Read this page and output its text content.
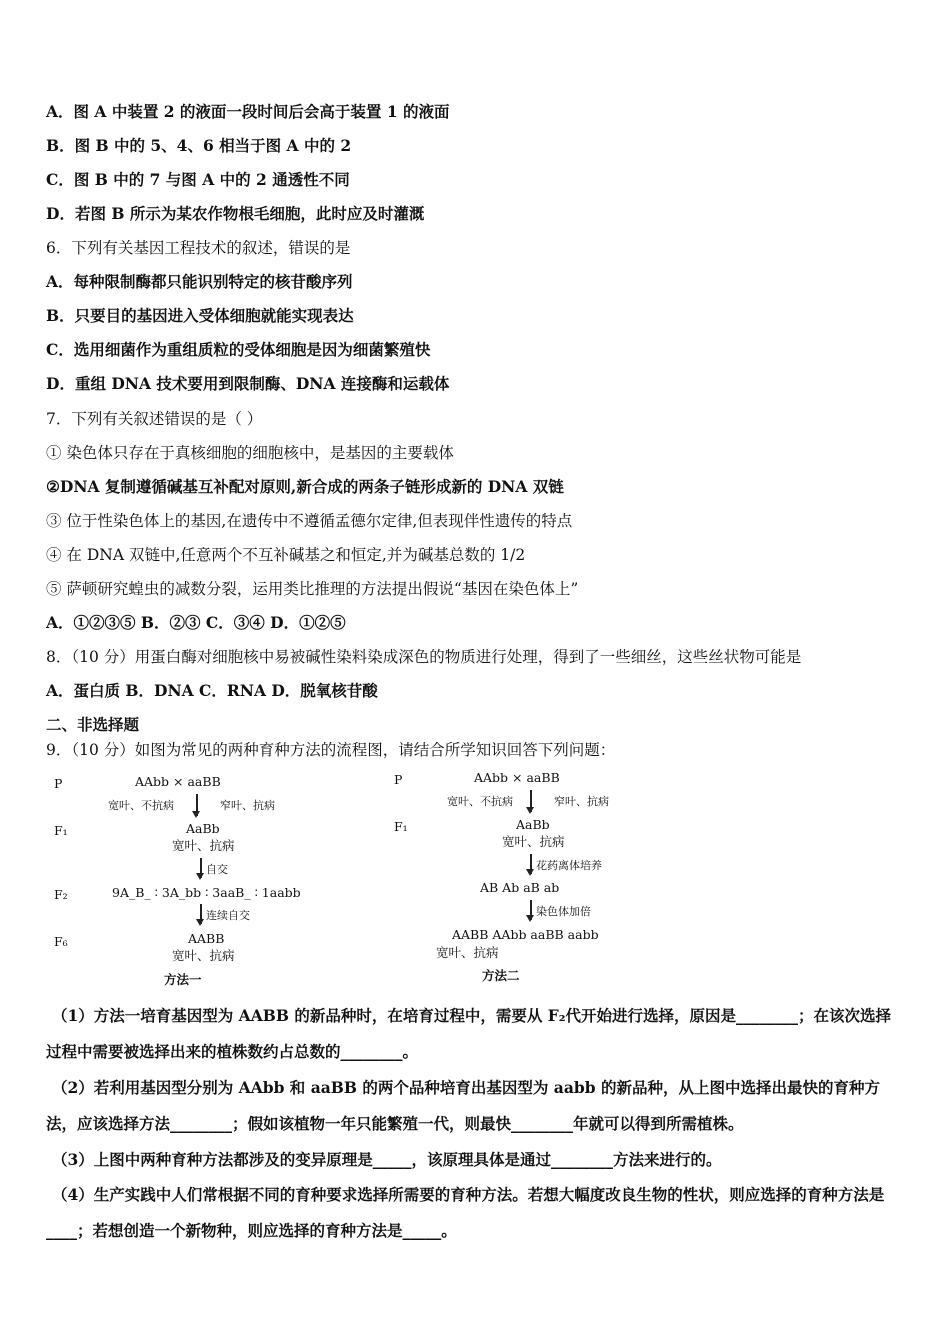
A．图 A 中装置 2 的液面一段时间后会高于装置 1 的液面
B．图 B 中的 5、4、6 相当于图 A 中的 2
C．图 B 中的 7 与图 A 中的 2 通透性不同
D．若图 B 所示为某农作物根毛细胞，此时应及时灌溉
6．下列有关基因工程技术的叙述，错误的是
A．每种限制酶都只能识别特定的核苷酸序列
B．只要目的基因进入受体细胞就能实现表达
C．选用细菌作为重组质粒的受体细胞是因为细菌繁殖快
D．重组 DNA 技术要用到限制酶、DNA 连接酶和运载体
7．下列有关叙述错误的是（ ）
① 染色体只存在于真核细胞的细胞核中，是基因的主要载体
②DNA 复制遵循碱基互补配对原则,新合成的两条子链形成新的 DNA 双链
③ 位于性染色体上的基因,在遗传中不遵循孟德尔定律,但表现伴性遗传的特点
④ 在 DNA 双链中,任意两个不互补碱基之和恒定,并为碱基总数的 1/2
⑤ 萨顿研究蝗虫的减数分裂，运用类比推理的方法提出假说“基因在染色体上”
A．①②③⑤ B．②③ C．③④ D．①②⑤
8．（10 分）用蛋白酶对细胞核中易被碱性染料染成深色的物质进行处理，得到了一些细丝，这些丝状物可能是
A．蛋白质 B．DNA C．RNA D．脱氧核苷酸
二、非选择题
9．（10 分）如图为常见的两种育种方法的流程图，请结合所学知识回答下列问题：
P	AAbb × aaBB
宽叶、不抗病	窄叶、抗病
F₁	AaBb
宽叶、抗病
自交
F₂	9A_B_ ∶ 3A_bb ∶ 3aaB_ ∶ 1aabb
连续自交
F₆	AABB
宽叶、抗病
方法一
P	AAbb × aaBB
宽叶、不抗病	窄叶、抗病
F₁	AaBb
宽叶、抗病
花药离体培养
AB Ab aB ab
染色体加倍
AABB AAbb aaBB aabb
宽叶、抗病
方法二
（1）方法一培育基因型为 AABB 的新品种时，在培育过程中，需要从 F₂代开始进行选择，原因是________；在该次选择过程中需要被选择出来的植株数约占总数的________。
（2）若利用基因型分别为 AAbb 和 aaBB 的两个品种培育出基因型为 aabb 的新品种，从上图中选择出最快的育种方法，应该选择方法________；假如该植物一年只能繁殖一代，则最快________年就可以得到所需植株。
（3）上图中两种育种方法都涉及的变异原理是_____，该原理具体是通过________方法来进行的。
（4）生产实践中人们常根据不同的育种要求选择所需要的育种方法。若想大幅度改良生物的性状，则应选择的育种方法是____；若想创造一个新物种，则应选择的育种方法是_____。
